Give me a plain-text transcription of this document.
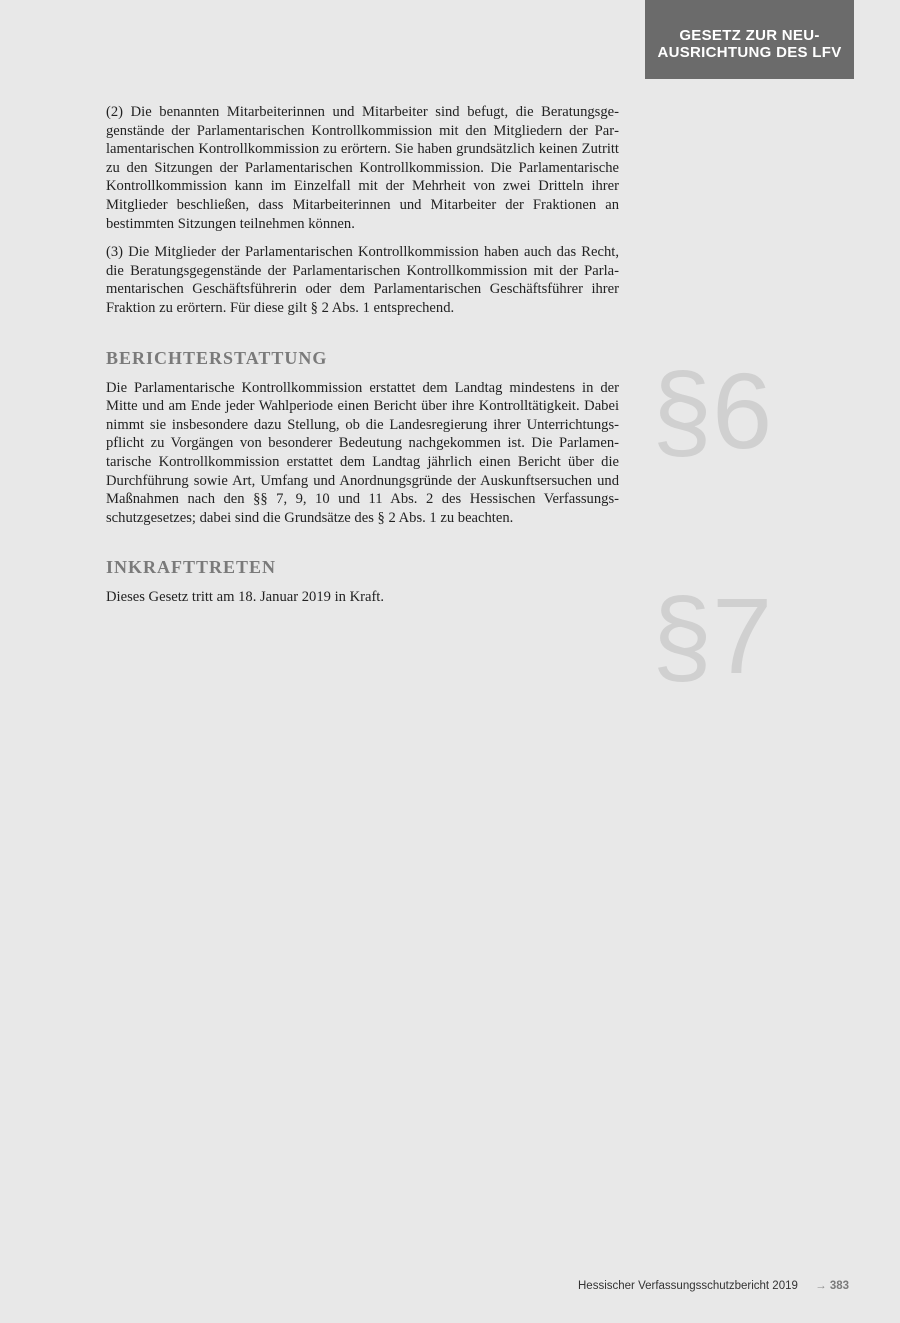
GESETZ ZUR NEU-
AUSRICHTUNG DES LFV

(2) Die benannten Mitarbeiterinnen und Mitarbeiter sind befugt, die Beratungsgegenstände der Parlamentarischen Kontrollkommission mit den Mitgliedern der Parlamentarischen Kontrollkommission zu erörtern. Sie haben grundsätzlich keinen Zutritt zu den Sitzungen der Parlamentarischen Kontrollkommission. Die Parlamentarische Kontrollkommission kann im Einzelfall mit der Mehrheit von zwei Dritteln ihrer Mitglieder beschließen, dass Mitarbeiterinnen und Mitarbeiter der Fraktionen an bestimmten Sitzungen teilnehmen können.

(3) Die Mitglieder der Parlamentarischen Kontrollkommission haben auch das Recht, die Beratungsgegenstände der Parlamentarischen Kontrollkommission mit der Parlamentarischen Geschäftsführerin oder dem Parlamentarischen Geschäftsführer ihrer Fraktion zu erörtern. Für diese gilt § 2 Abs. 1 entsprechend.

BERICHTERSTATTUNG

Die Parlamentarische Kontrollkommission erstattet dem Landtag mindestens in der Mitte und am Ende jeder Wahlperiode einen Bericht über ihre Kontrolltätigkeit. Dabei nimmt sie insbesondere dazu Stellung, ob die Landesregierung ihrer Unterrichtungspflicht zu Vorgängen von besonderer Bedeutung nachgekommen ist. Die Parlamentarische Kontrollkommission erstattet dem Landtag jährlich einen Bericht über die Durchführung sowie Art, Umfang und Anordnungsgründe der Auskunftsersuchen und Maßnahmen nach den §§ 7, 9, 10 und 11 Abs. 2 des Hessischen Verfassungsschutzgesetzes; dabei sind die Grundsätze des § 2 Abs. 1 zu beachten.

INKRAFTTRETEN

Dieses Gesetz tritt am 18. Januar 2019 in Kraft.

§6
§7
Hessischer Verfassungsschutzbericht 2019 → 383
